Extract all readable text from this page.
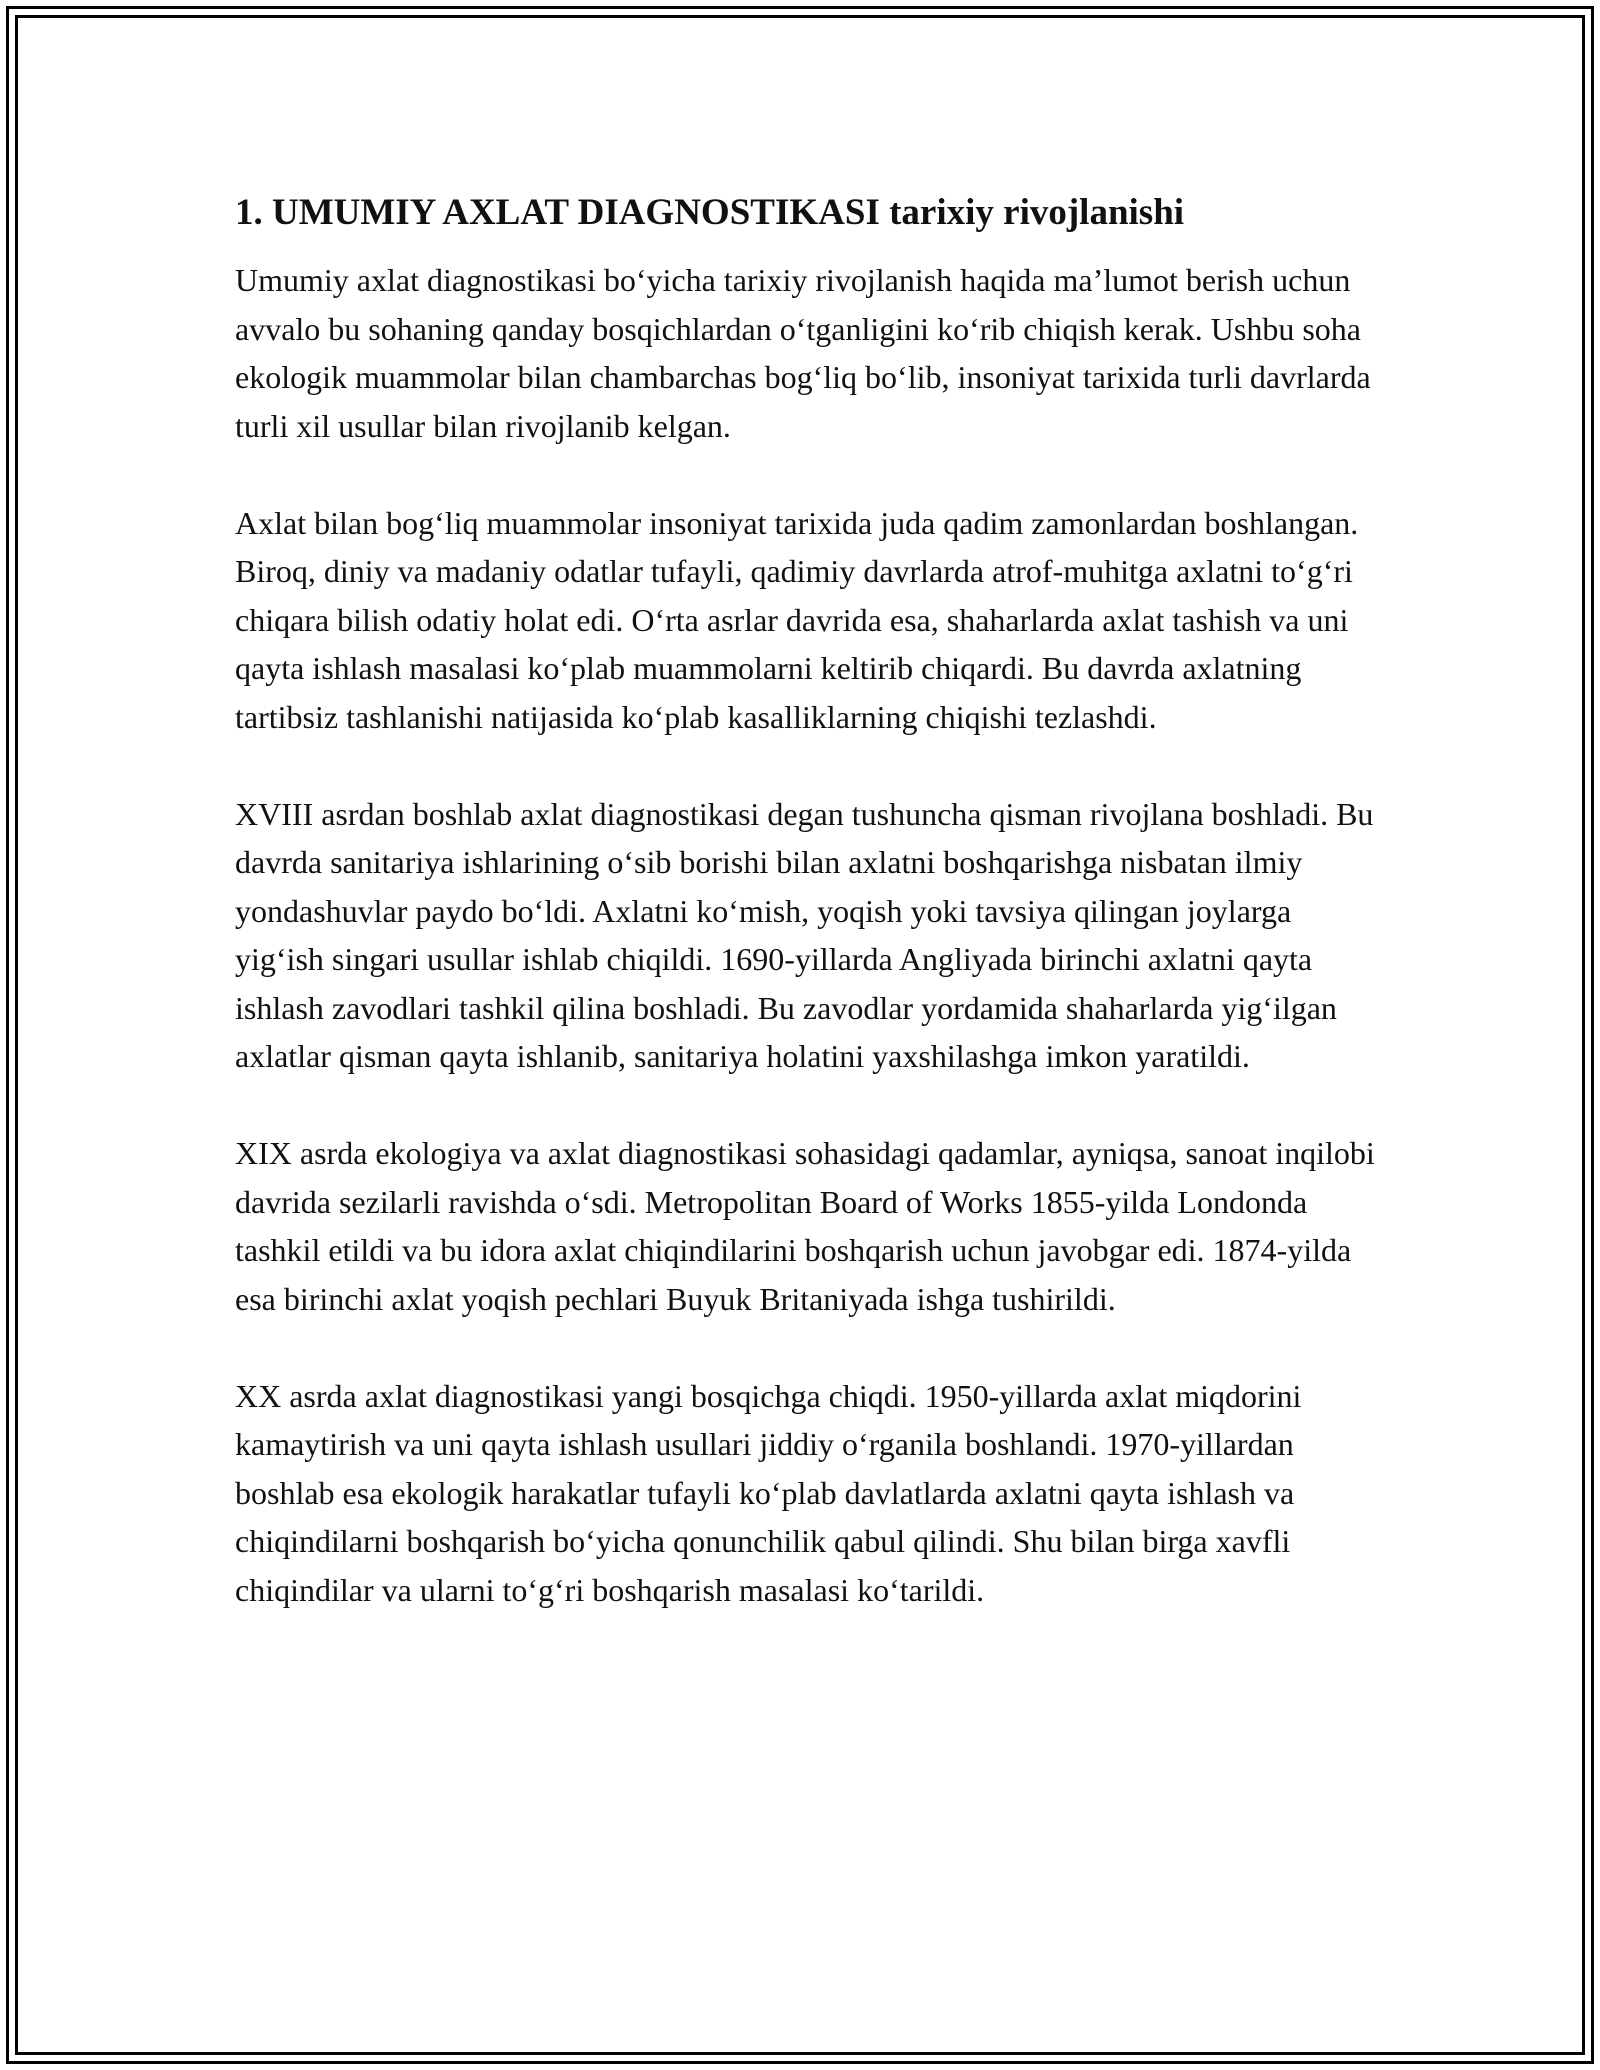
1. UMUMIY AXLAT DIAGNOSTIKASI tarixiy rivojlanishi

Umumiy axlat diagnostikasi bo‘yicha tarixiy rivojlanish haqida ma’lumot berish uchun avvalo bu sohaning qanday bosqichlardan o‘tganligini ko‘rib chiqish kerak. Ushbu soha ekologik muammolar bilan chambarchas bog‘liq bo‘lib, insoniyat tarixida turli davrlarda turli xil usullar bilan rivojlanib kelgan.

Axlat bilan bog‘liq muammolar insoniyat tarixida juda qadim zamonlardan boshlangan. Biroq, diniy va madaniy odatlar tufayli, qadimiy davrlarda atrof-muhitga axlatni to‘g‘ri chiqara bilish odatiy holat edi. O‘rta asrlar davrida esa, shaharlarda axlat tashish va uni qayta ishlash masalasi ko‘plab muammolarni keltirib chiqardi. Bu davrda axlatning tartibsiz tashlanishi natijasida ko‘plab kasalliklarning chiqishi tezlashdi.

XVIII asrdan boshlab axlat diagnostikasi degan tushuncha qisman rivojlana boshladi. Bu davrda sanitariya ishlarining o‘sib borishi bilan axlatni boshqarishga nisbatan ilmiy yondashuvlar paydo bo‘ldi. Axlatni ko‘mish, yoqish yoki tavsiya qilingan joylarga yig‘ish singari usullar ishlab chiqildi. 1690-yillarda Angliyada birinchi axlatni qayta ishlash zavodlari tashkil qilina boshladi. Bu zavodlar yordamida shaharlarda yig‘ilgan axlatlar qisman qayta ishlanib, sanitariya holatini yaxshilashga imkon yaratildi.

XIX asrda ekologiya va axlat diagnostikasi sohasidagi qadamlar, ayniqsa, sanoat inqilobi davrida sezilarli ravishda o‘sdi. Metropolitan Board of Works 1855-yilda Londonda tashkil etildi va bu idora axlat chiqindilarini boshqarish uchun javobgar edi. 1874-yilda esa birinchi axlat yoqish pechlari Buyuk Britaniyada ishga tushirildi.

XX asrda axlat diagnostikasi yangi bosqichga chiqdi. 1950-yillarda axlat miqdorini kamaytirish va uni qayta ishlash usullari jiddiy o‘rganila boshlandi. 1970-yillardan boshlab esa ekologik harakatlar tufayli ko‘plab davlatlarda axlatni qayta ishlash va chiqindilarni boshqarish bo‘yicha qonunchilik qabul qilindi. Shu bilan birga xavfli chiqindilar va ularni to‘g‘ri boshqarish masalasi ko‘tarildi.
